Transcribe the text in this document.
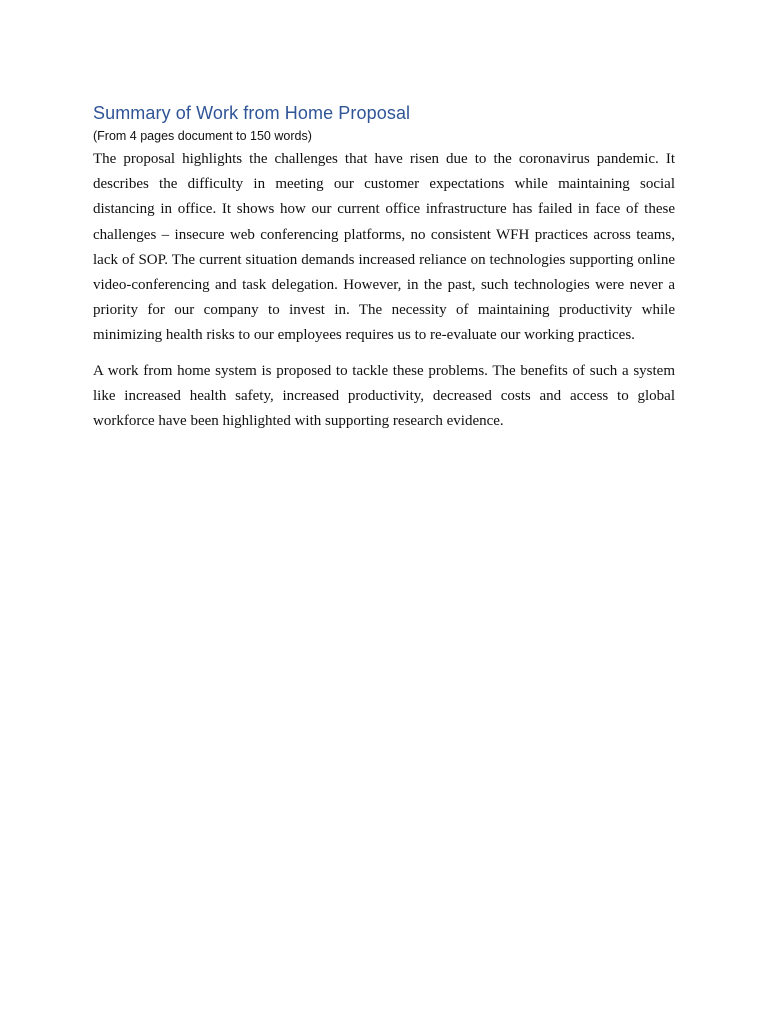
Summary of Work from Home Proposal

(From 4 pages document to 150 words)

The proposal highlights the challenges that have risen due to the coronavirus pandemic. It describes the difficulty in meeting our customer expectations while maintaining social distancing in office. It shows how our current office infrastructure has failed in face of these challenges – insecure web conferencing platforms, no consistent WFH practices across teams, lack of SOP. The current situation demands increased reliance on technologies supporting online video-conferencing and task delegation. However, in the past, such technologies were never a priority for our company to invest in. The necessity of maintaining productivity while minimizing health risks to our employees requires us to re-evaluate our working practices.

A work from home system is proposed to tackle these problems. The benefits of such a system like increased health safety, increased productivity, decreased costs and access to global workforce have been highlighted with supporting research evidence.
